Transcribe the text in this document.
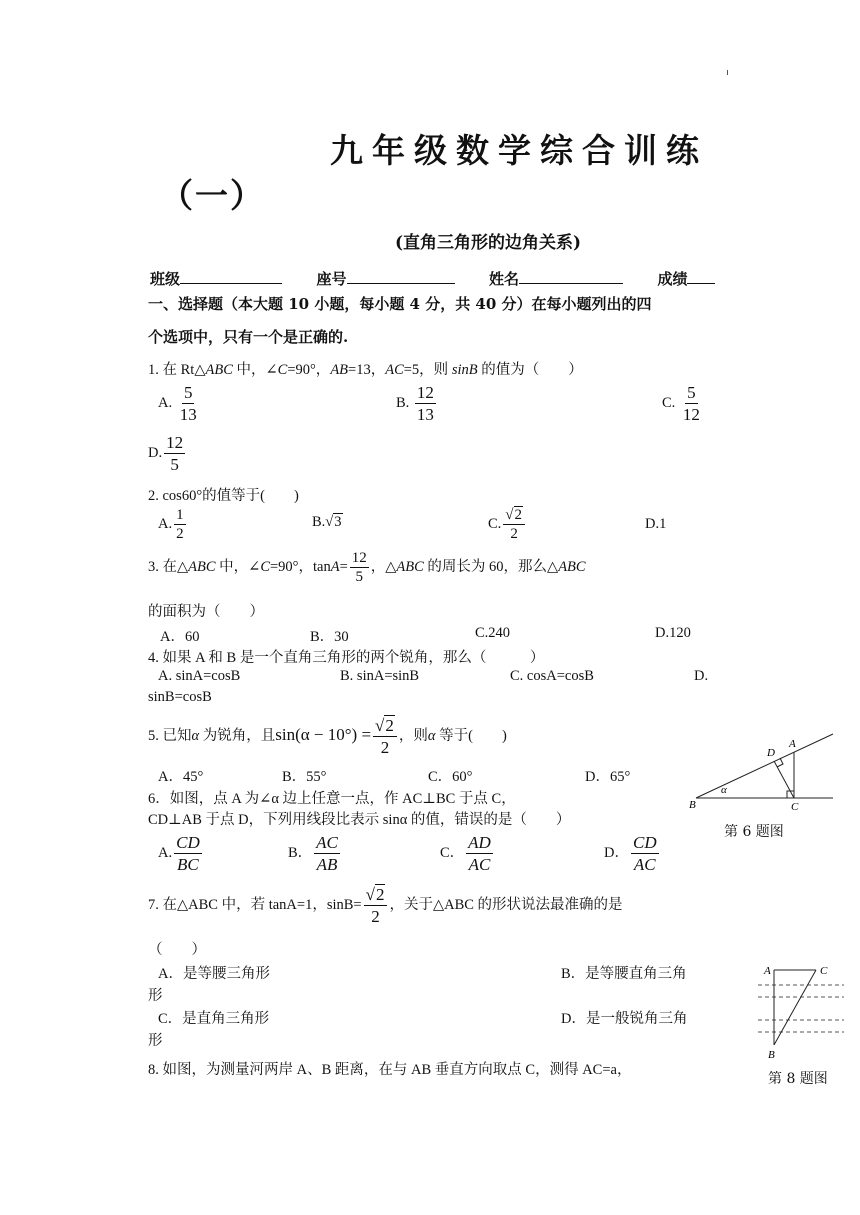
九年级数学综合训练
（一）
(直角三角形的边角关系)
班级	座号	姓名	成绩
一、选择题（本大题 10 小题，每小题 4 分，共 40 分）在每小题列出的四
个选项中，只有一个是正确的.
1. 在 Rt△ABC 中，∠C=90°，AB=13，AC=5，则 sinB 的值为（　　）
A. $\frac{5}{13}$	B. $\frac{12}{13}$	C. $\frac{5}{12}$
D. $\frac{12}{5}$
2. cos60°的值等于(　　)
A. $\frac{1}{2}$	B.√3	C. $\frac{√2}{2}$	D.1
3. 在△ABC 中，∠C=90°，$\tan A= \frac{12}{5}$ ，△ABC 的周长为 60，那么△ABC
的面积为（　　）
A．60	B．30	C.240	D.120
4. 如果 A 和 B 是一个直角三角形的两个锐角，那么（　　　）
A. sinA=cosB	B. sinA=sinB	C. cosA=cosB	D.
sinB=cosB
5. 已知α 为锐角，且$\sin(\alpha - 10^\circ) = \frac{√2}{2}$ ，则α 等于(　　)
A．45°	B．55°	C．60°	D．65°
6．如图，点 A 为∠α 边上任意一点，作 AC⊥BC 于点 C，
CD⊥AB 于点 D，下列用线段比表示 sinα 的值，错误的是（　　）
A. $\frac{CD}{BC}$	B． $\frac{AC}{AB}$	C． $\frac{AD}{AC}$	D． $\frac{CD}{AC}$
B	C
A
D
α
第 6 题图
7. 在△ABC 中，若 tanA=1，$\sin B= \frac{√2}{2}$ ，关于△ABC 的形状说法最准确的是
（　　）
A．是等腰三角形	B．是等腰直角三角
形
C．是直角三角形	D．是一般锐角三角
形
A	C
B
8. 如图，为测量河两岸 A、B 距离，在与 AB 垂直方向取点 C，测得 AC=a，
第 8 题图
